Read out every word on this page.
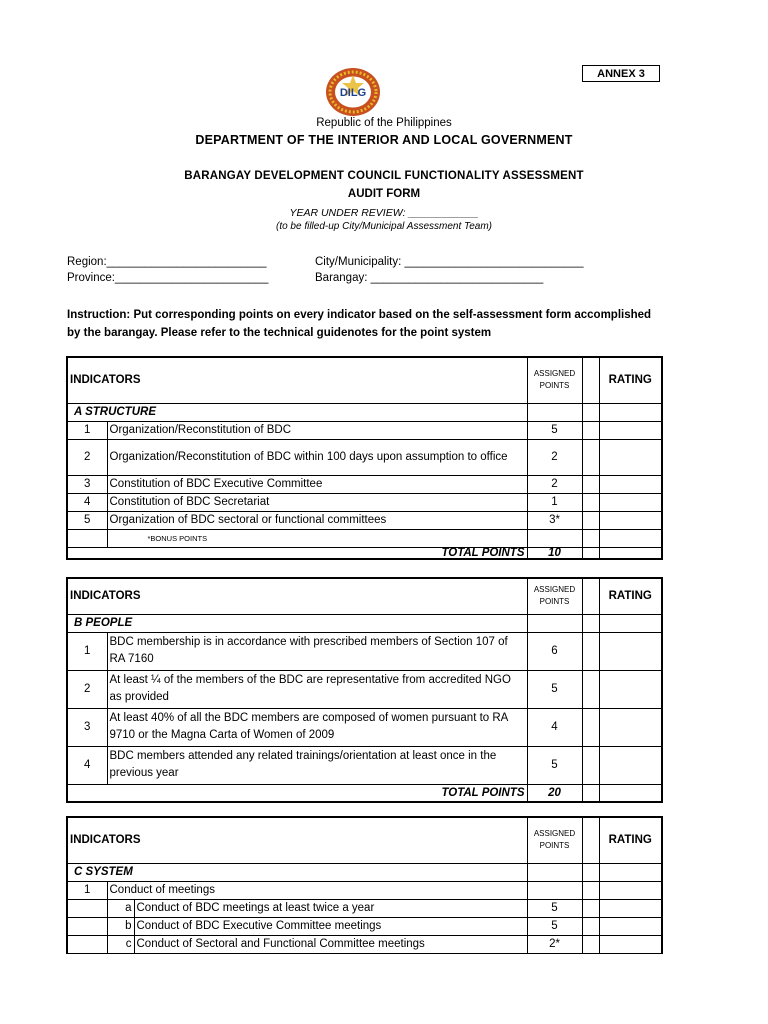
ANNEX 3
DILG
Republic of the Philippines
DEPARTMENT OF THE INTERIOR AND LOCAL GOVERNMENT
BARANGAY DEVELOPMENT COUNCIL FUNCTIONALITY ASSESSMENT
AUDIT FORM
YEAR UNDER REVIEW: ____________
(to be filled-up City/Municipal Assessment Team)
Region:_________________________
Province:________________________
City/Municipality: ____________________________
Barangay: ___________________________
Instruction: Put corresponding points on every indicator based on the self-assessment form accomplished by the barangay. Please refer to the technical guidenotes for the point system
INDICATORS		ASSIGNED
POINTS		RATING
A STRUCTURE				
1	Organization/Reconstitution of BDC	5		
2	Organization/Reconstitution of BDC within 100 days upon assumption to office	2		
3	Constitution of BDC Executive Committee	2		
4	Constitution of BDC Secretariat	1		
5	Organization of BDC sectoral or functional committees	3*		
	*BONUS POINTS			
	TOTAL POINTS	10		
INDICATORS		ASSIGNED
POINTS		RATING
B PEOPLE				
1	BDC membership is in accordance with prescribed members of Section 107 of RA 7160	6		
2	At least ¼ of the members of the BDC are representative from accredited NGO as provided	5		
3	At least 40% of all the BDC members are composed of women pursuant to RA 9710 or the Magna Carta of Women of 2009	4		
4	BDC members attended any related trainings/orientation at least once in the previous year	5		
	TOTAL POINTS	20		
INDICATORS			ASSIGNED
POINTS		RATING
C SYSTEM					
1	Conduct of meetings				
	a	Conduct of BDC meetings at least twice a year	5		
	b	Conduct of BDC Executive Committee meetings	5		
	c	Conduct of Sectoral and Functional Committee meetings	2*		
